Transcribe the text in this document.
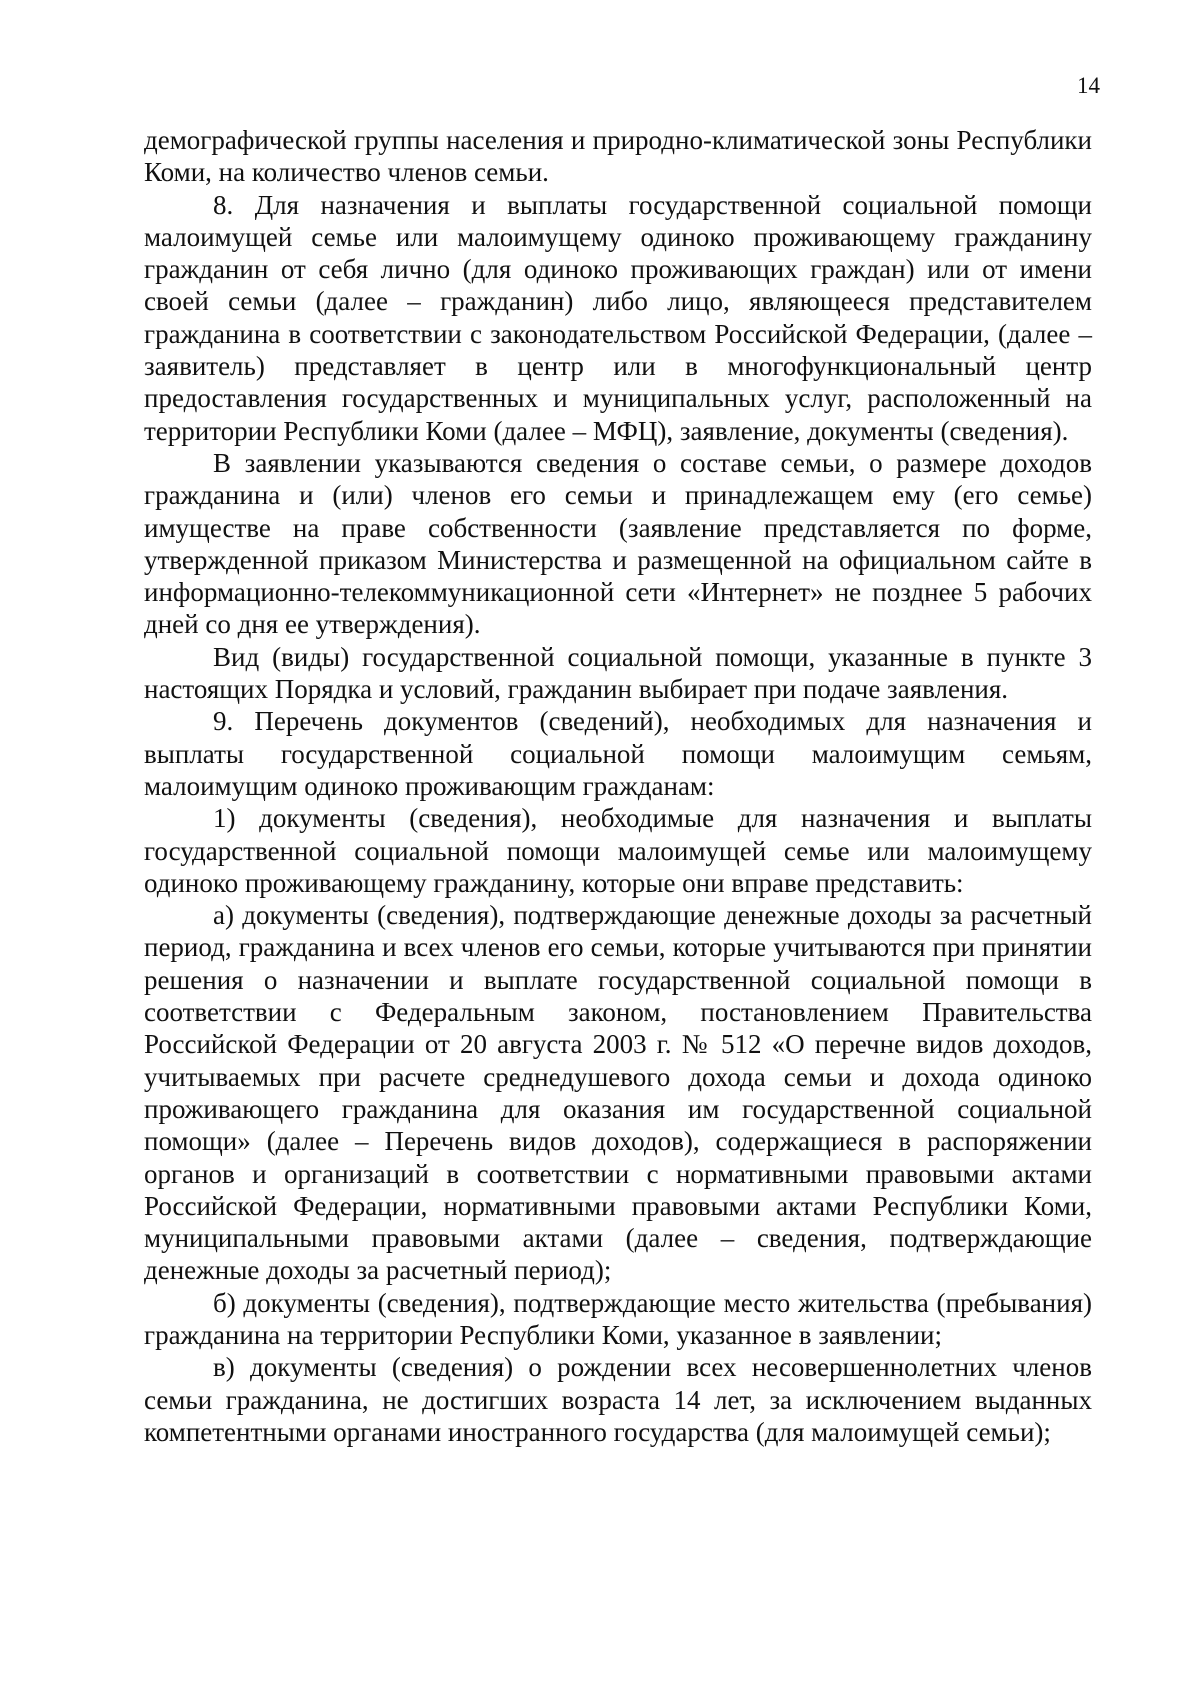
14

демографической группы населения и природно-климатической зоны Республики Коми, на количество членов семьи.

8. Для назначения и выплаты государственной социальной помощи малоимущей семье или малоимущему одиноко проживающему гражданину гражданин от себя лично (для одиноко проживающих граждан) или от имени своей семьи (далее – гражданин) либо лицо, являющееся представителем гражданина в соответствии с законодательством Российской Федерации, (далее – заявитель) представляет в центр или в многофункциональный центр предоставления государственных и муниципальных услуг, расположенный на территории Республики Коми (далее – МФЦ), заявление, документы (сведения).

В заявлении указываются сведения о составе семьи, о размере доходов гражданина и (или) членов его семьи и принадлежащем ему (его семье) имуществе на праве собственности (заявление представляется по форме, утвержденной приказом Министерства и размещенной на официальном сайте в информационно-телекоммуникационной сети «Интернет» не позднее 5 рабочих дней со дня ее утверждения).

Вид (виды) государственной социальной помощи, указанные в пункте 3 настоящих Порядка и условий, гражданин выбирает при подаче заявления.

9. Перечень документов (сведений), необходимых для назначения и выплаты государственной социальной помощи малоимущим семьям, малоимущим одиноко проживающим гражданам:

1) документы (сведения), необходимые для назначения и выплаты государственной социальной помощи малоимущей семье или малоимущему одиноко проживающему гражданину, которые они вправе представить:

а) документы (сведения), подтверждающие денежные доходы за расчетный период, гражданина и всех членов его семьи, которые учитываются при принятии решения о назначении и выплате государственной социальной помощи в соответствии с Федеральным законом, постановлением Правительства Российской Федерации от 20 августа 2003 г. № 512 «О перечне видов доходов, учитываемых при расчете среднедушевого дохода семьи и дохода одиноко проживающего гражданина для оказания им государственной социальной помощи» (далее – Перечень видов доходов), содержащиеся в распоряжении органов и организаций в соответствии с нормативными правовыми актами Российской Федерации, нормативными правовыми актами Республики Коми, муниципальными правовыми актами (далее – сведения, подтверждающие денежные доходы за расчетный период);

б) документы (сведения), подтверждающие место жительства (пребывания) гражданина на территории Республики Коми, указанное в заявлении;

в) документы (сведения) о рождении всех несовершеннолетних членов семьи гражданина, не достигших возраста 14 лет, за исключением выданных компетентными органами иностранного государства (для малоимущей семьи);
